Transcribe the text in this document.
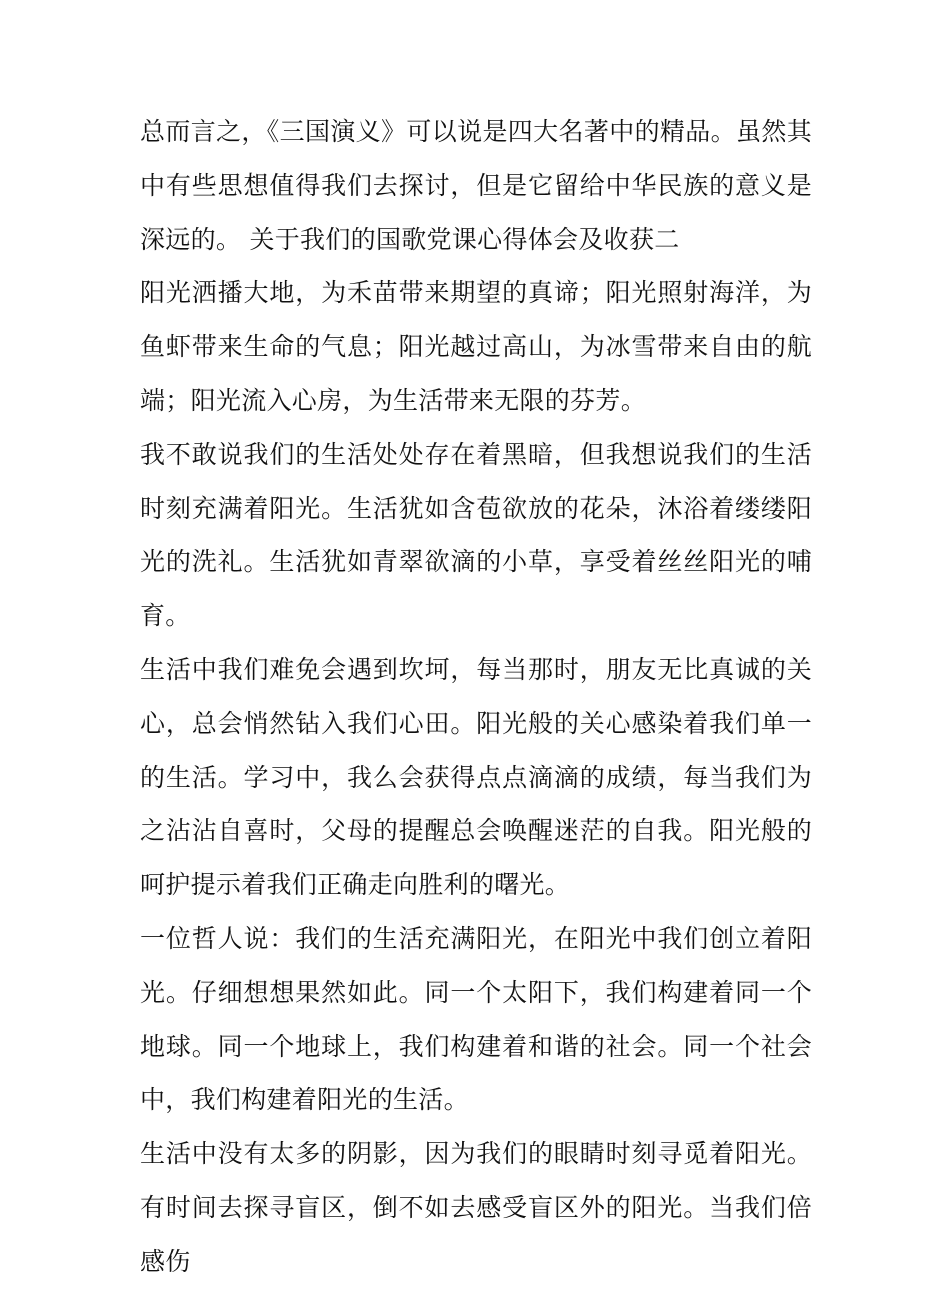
总而言之，《三国演义》可以说是四大名著中的精品。虽然其中有些思想值得我们去探讨，但是它留给中华民族的意义是深远的。 关于我们的国歌党课心得体会及收获二

阳光洒播大地，为禾苗带来期望的真谛；阳光照射海洋，为鱼虾带来生命的气息；阳光越过高山，为冰雪带来自由的航端；阳光流入心房，为生活带来无限的芬芳。

我不敢说我们的生活处处存在着黑暗，但我想说我们的生活时刻充满着阳光。生活犹如含苞欲放的花朵，沐浴着缕缕阳光的洗礼。生活犹如青翠欲滴的小草，享受着丝丝阳光的哺育。

生活中我们难免会遇到坎坷，每当那时，朋友无比真诚的关心，总会悄然钻入我们心田。阳光般的关心感染着我们单一的生活。学习中，我么会获得点点滴滴的成绩，每当我们为之沾沾自喜时，父母的提醒总会唤醒迷茫的自我。阳光般的呵护提示着我们正确走向胜利的曙光。

一位哲人说：我们的生活充满阳光，在阳光中我们创立着阳光。仔细想想果然如此。同一个太阳下，我们构建着同一个地球。同一个地球上，我们构建着和谐的社会。同一个社会中，我们构建着阳光的生活。

生活中没有太多的阴影，因为我们的眼睛时刻寻觅着阳光。有时间去探寻盲区，倒不如去感受盲区外的阳光。当我们倍感伤
